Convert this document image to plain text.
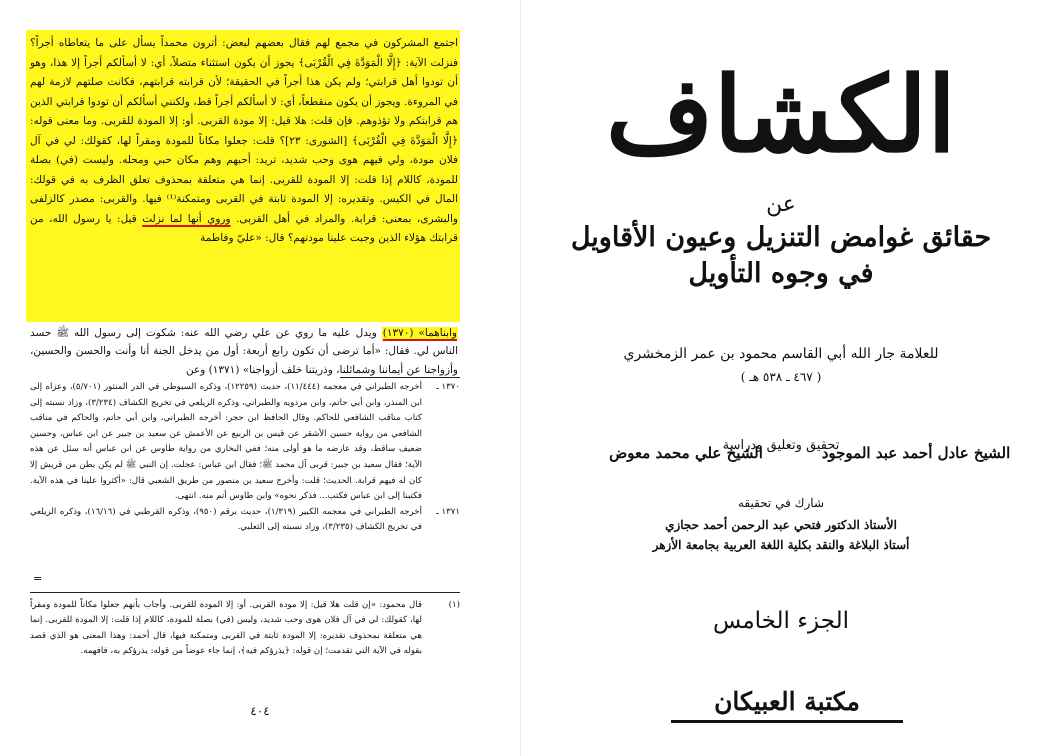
اجتمع المشركون في مجمع لهم فقال بعضهم لبعض: أترون محمداً يسأل على ما يتعاطاه أجراً؟ فنزلت الآية: ﴿إِلَّا الْمَوَدَّةَ فِي الْقُرْبَى﴾ يجوز أن يكون استثناء متصلاً، أي: لا أسألكم أجراً إلا هذا، وهو أن تودوا أهل قرابتي؛ ولم يكن هذا أجراً في الحقيقة؛ لأن قرابته قرابتهم، فكانت صلتهم لازمة لهم في المروءة. ويجوز أن يكون منقطعاً، أي: لا أسألكم أجراً قط، ولكنني أسألكم أن تودوا قرابتي الذين هم قرابتكم ولا تؤذوهم. فإن قلت: هلا قيل: إلا مودة القربى. أو: إلا المودة للقربى. وما معنى قوله: ﴿إِلَّا الْمَوَدَّةَ فِي الْقُرْبَى﴾ [الشورى: ٢٣]؟ قلت: جعلوا مكاناً للمودة ومقراً لها، كقولك: لي في آل فلان مودة، ولي فيهم هوى وحب شديد، تريد: أحبهم وهم مكان حبي ومحله. وليست (في) بصلة للمودة، كاللام إذا قلت: إلا المودة للقربى. إنما هي متعلقة بمحذوف تعلق الظرف به في قولك: المال في الكيس. وتقديره: إلا المودة ثابتة في القربى ومتمكنة⁽¹⁾ فيها. والقربى: مصدر كالزلفى والبشرى، بمعنى: قرابة. والمراد في أهل القربى. وروي أنها لما نزلت قيل: يا رسول الله، من قرابتك هؤلاء الذين وجبت علينا مودتهم؟ قال: «عليّ وفاطمة
وابناهما» (١٣٧٠) ويدل عليه ما روي عن علي رضي الله عنه: شكوت إلى رسول الله ﷺ حسد الناس لي. فقال: «أما ترضى أن تكون رابع أربعة: أول من يدخل الجنة أنا وأنت والحسن والحسين، وأزواجنا عن أيماننا وشمائلنا، وذريتنا خلف أزواجنا» (١٣٧١) وعن
١٣٧٠ ـ
أخرجه الطبراني في معجمه (١١/٤٤٤)، حديث (١٢٢٥٩)، وذكره السيوطي في الدر المنثور (٥/٧٠١)، وعزاه إلى ابن المنذر، وابن أبي حاتم، وابن مردويه والطبراني، وذكره الزيلعي في تخريج الكشاف (٣/٢٣٤)، وزاد نسبته إلى كتاب مناقب الشافعي للحاكم. وقال الحافظ ابن حجر: أخرجه الطبراني، وابن أبي حاتم، والحاكم في مناقب الشافعي من رواية حسين الأشقر عن قيس بن الربيع عن الأعمش عن سعيد بن جبير عن ابن عباس، وحسين ضعيف ساقط، وقد عارضه ما هو أولى منه؛ ففي البخاري من رواية طاوس عن ابن عباس أنه سئل عن هذه الآية؛ فقال سعيد بن جبير: قربى آل محمد ﷺ؛ فقال ابن عباس: عجلت. إن النبي ﷺ لم يكن بطن من قريش إلا كان له فيهم قرابة. الحديث؛ قلت: وأخرج سعيد بن منصور من طريق الشعبي قال: «أكثروا علينا في هذه الآية. فكتبنا إلى ابن عباس فكتب... فذكر نحوه» وابن طاوس أتم منه. انتهى.
١٣٧١ ـ
أخرجه الطبراني في معجمه الكبير (١/٣١٩)، حديث برقم (٩٥٠)، وذكره القرطبي في (١٦/١٦)، وذكره الزيلعي في تخريج الكشاف (٣/٢٣٥)، وزاد نسبته إلى الثعلبي.
=
(١)
قال محمود: «إن قلت هلا قيل: إلا مودة القربى. أو: إلا المودة للقربى. وأجاب بأنهم جعلوا مكاناً للمودة ومقراً لها، كقولك: لي في آل فلان هوى وحب شديد، وليس (في) بصلة للمودة، كاللام إذا قلت: إلا المودة للقربى. إنما هي متعلقة بمحذوف تقديره: إلا المودة ثابتة في القربى ومتمكنة فيها، قال أحمد: وهذا المعنى هو الذي قصد بقوله في الآية التي تقدمت؛ إن قوله: ﴿يذرؤكم فيه﴾، إنما جاء عوضاً من قوله: يذرؤكم به، فافهمه.
٤٠٤
الكشاف
عن
حقائق غوامض التنزيل وعيون الأقاويل
في وجوه التأويل
للعلامة جار الله أبي القاسم محمود بن عمر الزمخشري
( ٤٦٧ ـ ٥٣٨ هـ )
تحقيق وتعليق ودراسة
الشيخ عادل أحمد عبد الموجود
الشيخ علي محمد معوض
شارك في تحقيقه
الأستاذ الدكتور فتحي عبد الرحمن أحمد حجازي
أستاذ البلاغة والنقد بكلية اللغة العربية بجامعة الأزهر
الجزء الخامس
مكتبة العبيكان
